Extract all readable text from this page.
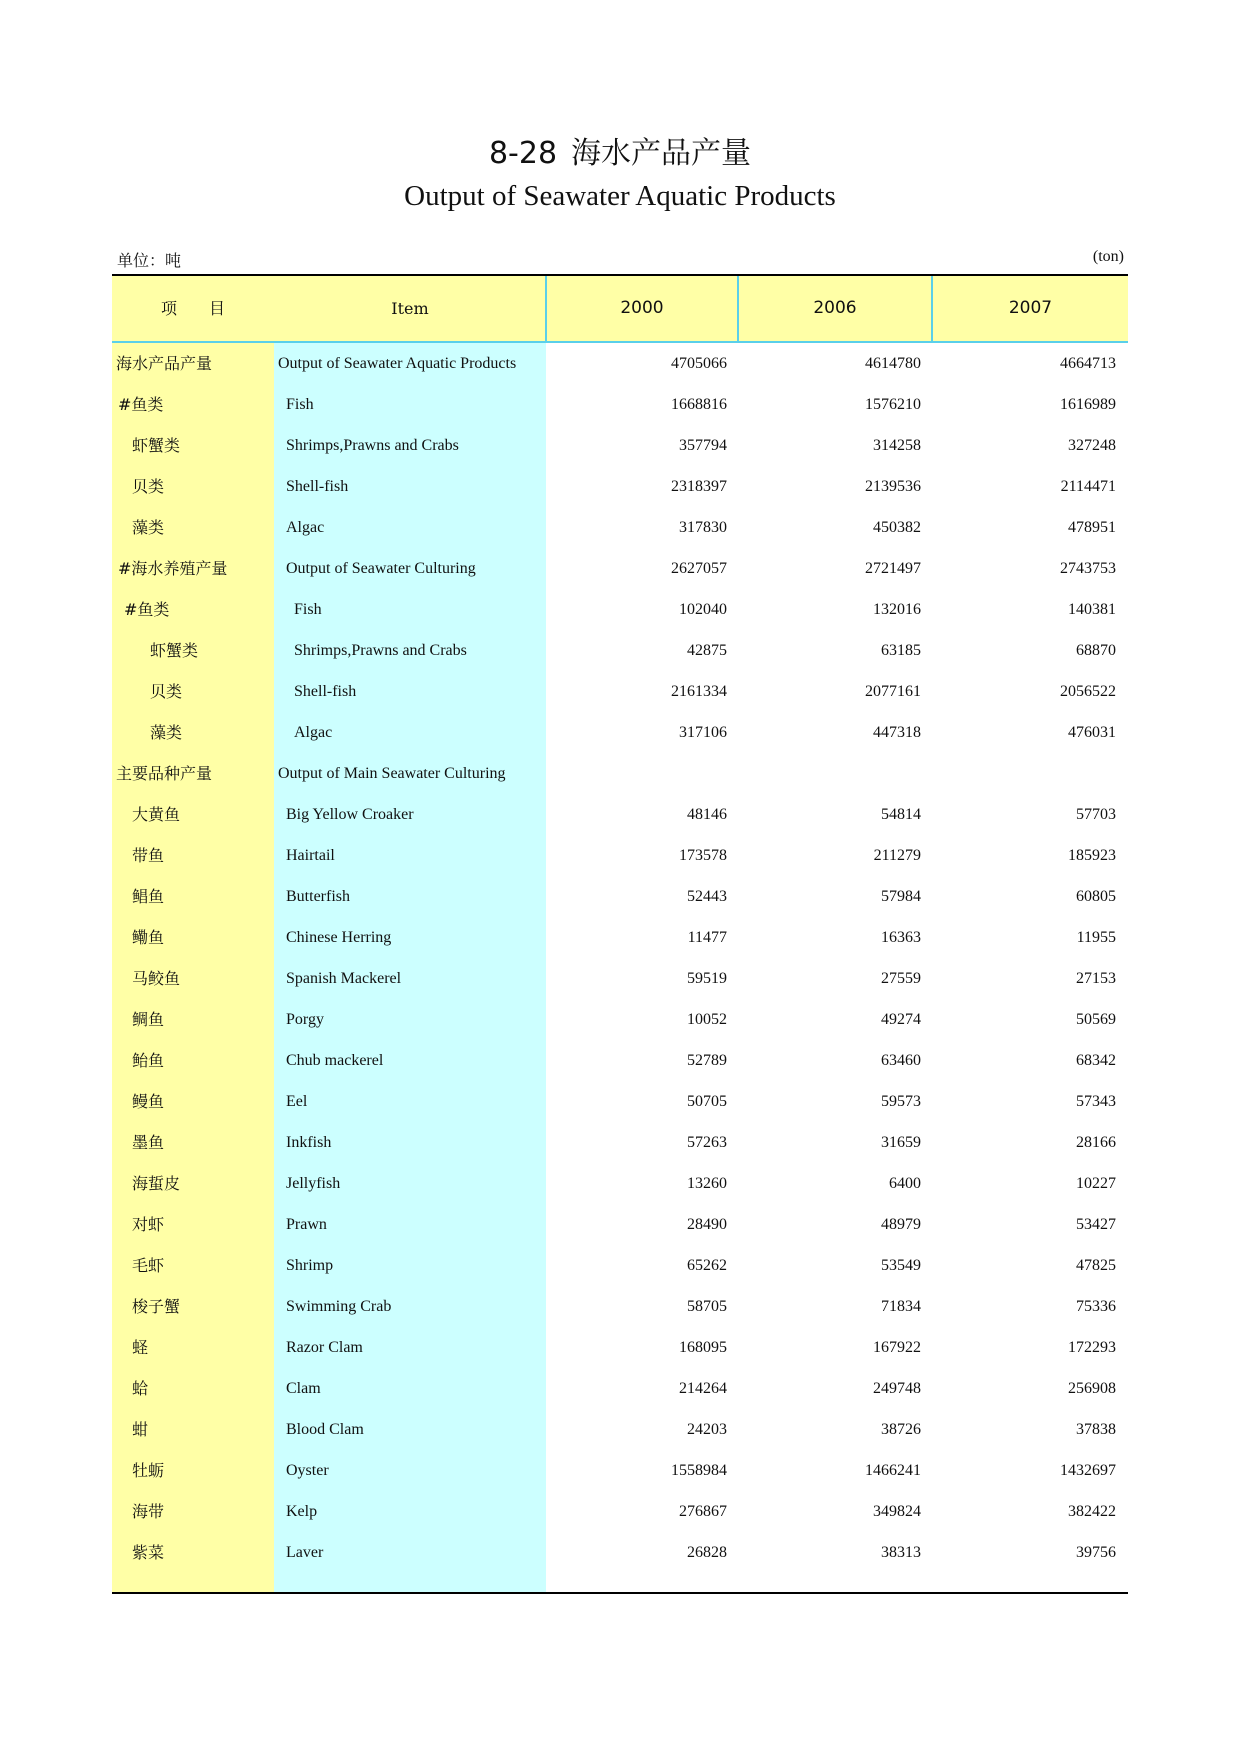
8-28 海水产品产量
Output of Seawater Aquatic Products
单位：吨	(ton)
项　　目	Item	2000	2006	2007
海水产品产量	Output of Seawater Aquatic Products	4705066	4614780	4664713
#鱼类	Fish	1668816	1576210	1616989
虾蟹类	Shrimps,Prawns and Crabs	357794	314258	327248
贝类	Shell-fish	2318397	2139536	2114471
藻类	Algac	317830	450382	478951
#海水养殖产量	Output of Seawater Culturing	2627057	2721497	2743753
#鱼类	Fish	102040	132016	140381
虾蟹类	Shrimps,Prawns and Crabs	42875	63185	68870
贝类	Shell-fish	2161334	2077161	2056522
藻类	Algac	317106	447318	476031
主要品种产量	Output of Main Seawater Culturing
大黄鱼	Big Yellow Croaker	48146	54814	57703
带鱼	Hairtail	173578	211279	185923
鲳鱼	Butterfish	52443	57984	60805
鳓鱼	Chinese Herring	11477	16363	11955
马鲛鱼	Spanish Mackerel	59519	27559	27153
鲷鱼	Porgy	10052	49274	50569
鲐鱼	Chub mackerel	52789	63460	68342
鳗鱼	Eel	50705	59573	57343
墨鱼	Inkfish	57263	31659	28166
海蜇皮	Jellyfish	13260	6400	10227
对虾	Prawn	28490	48979	53427
毛虾	Shrimp	65262	53549	47825
梭子蟹	Swimming Crab	58705	71834	75336
蛏	Razor Clam	168095	167922	172293
蛤	Clam	214264	249748	256908
蚶	Blood Clam	24203	38726	37838
牡蛎	Oyster	1558984	1466241	1432697
海带	Kelp	276867	349824	382422
紫菜	Laver	26828	38313	39756
